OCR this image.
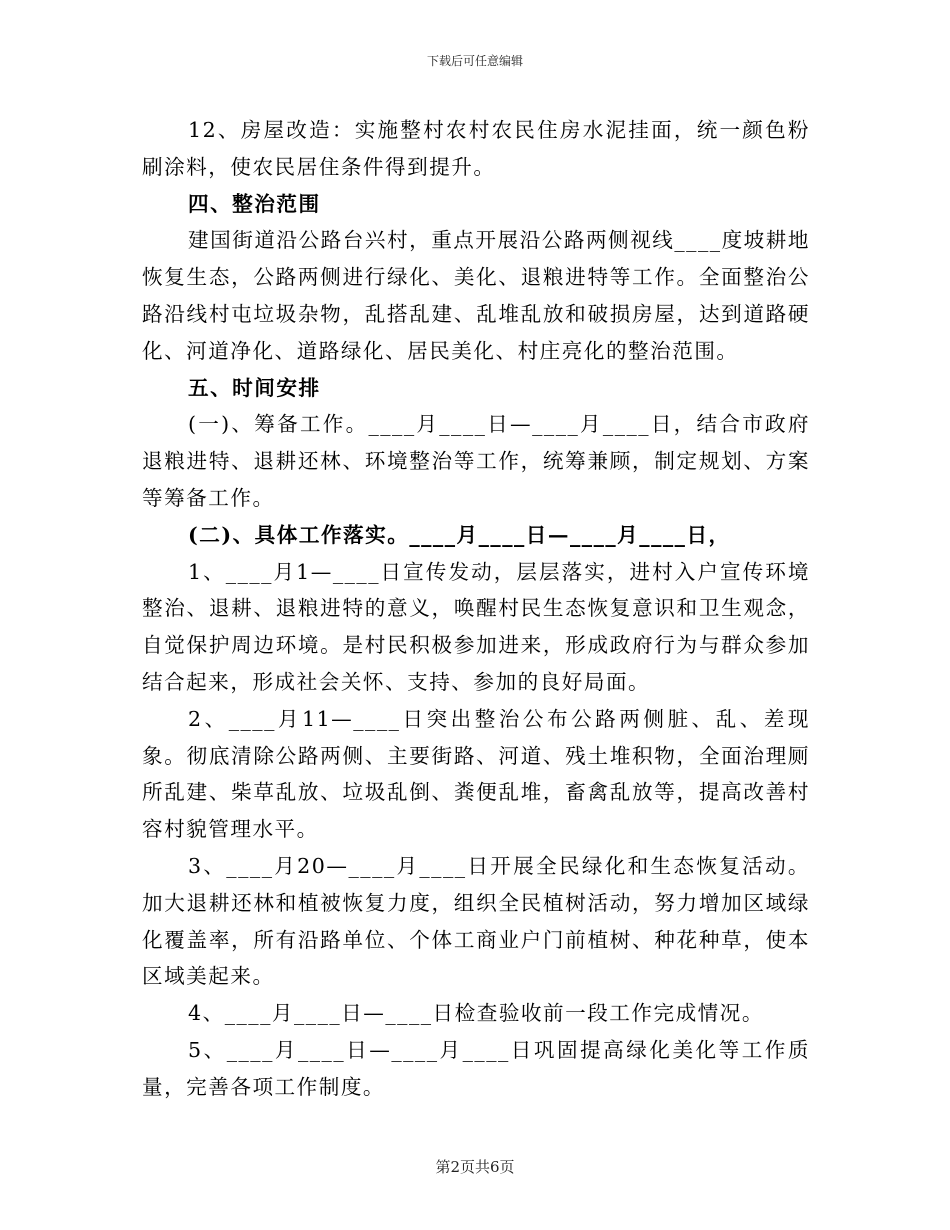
下载后可任意编辑

12、房屋改造：实施整村农村农民住房水泥挂面，统一颜色粉刷涂料，使农民居住条件得到提升。

四、整治范围

建国街道沿公路台兴村，重点开展沿公路两侧视线____度坡耕地恢复生态，公路两侧进行绿化、美化、退粮进特等工作。全面整治公路沿线村屯垃圾杂物，乱搭乱建、乱堆乱放和破损房屋，达到道路硬化、河道净化、道路绿化、居民美化、村庄亮化的整治范围。

五、时间安排

(一)、筹备工作。____月____日—____月____日，结合市政府退粮进特、退耕还林、环境整治等工作，统筹兼顾，制定规划、方案等筹备工作。

(二)、具体工作落实。____月____日—____月____日，

1、____月1—____日宣传发动，层层落实，进村入户宣传环境整治、退耕、退粮进特的意义，唤醒村民生态恢复意识和卫生观念，自觉保护周边环境。是村民积极参加进来，形成政府行为与群众参加结合起来，形成社会关怀、支持、参加的良好局面。

2、____月11—____日突出整治公布公路两侧脏、乱、差现象。彻底清除公路两侧、主要街路、河道、残土堆积物，全面治理厕所乱建、柴草乱放、垃圾乱倒、粪便乱堆，畜禽乱放等，提高改善村容村貌管理水平。

3、____月20—____月____日开展全民绿化和生态恢复活动。加大退耕还林和植被恢复力度，组织全民植树活动，努力增加区域绿化覆盖率，所有沿路单位、个体工商业户门前植树、种花种草，使本区域美起来。

4、____月____日—____日检查验收前一段工作完成情况。

5、____月____日—____月____日巩固提高绿化美化等工作质量，完善各项工作制度。

第2页共6页
